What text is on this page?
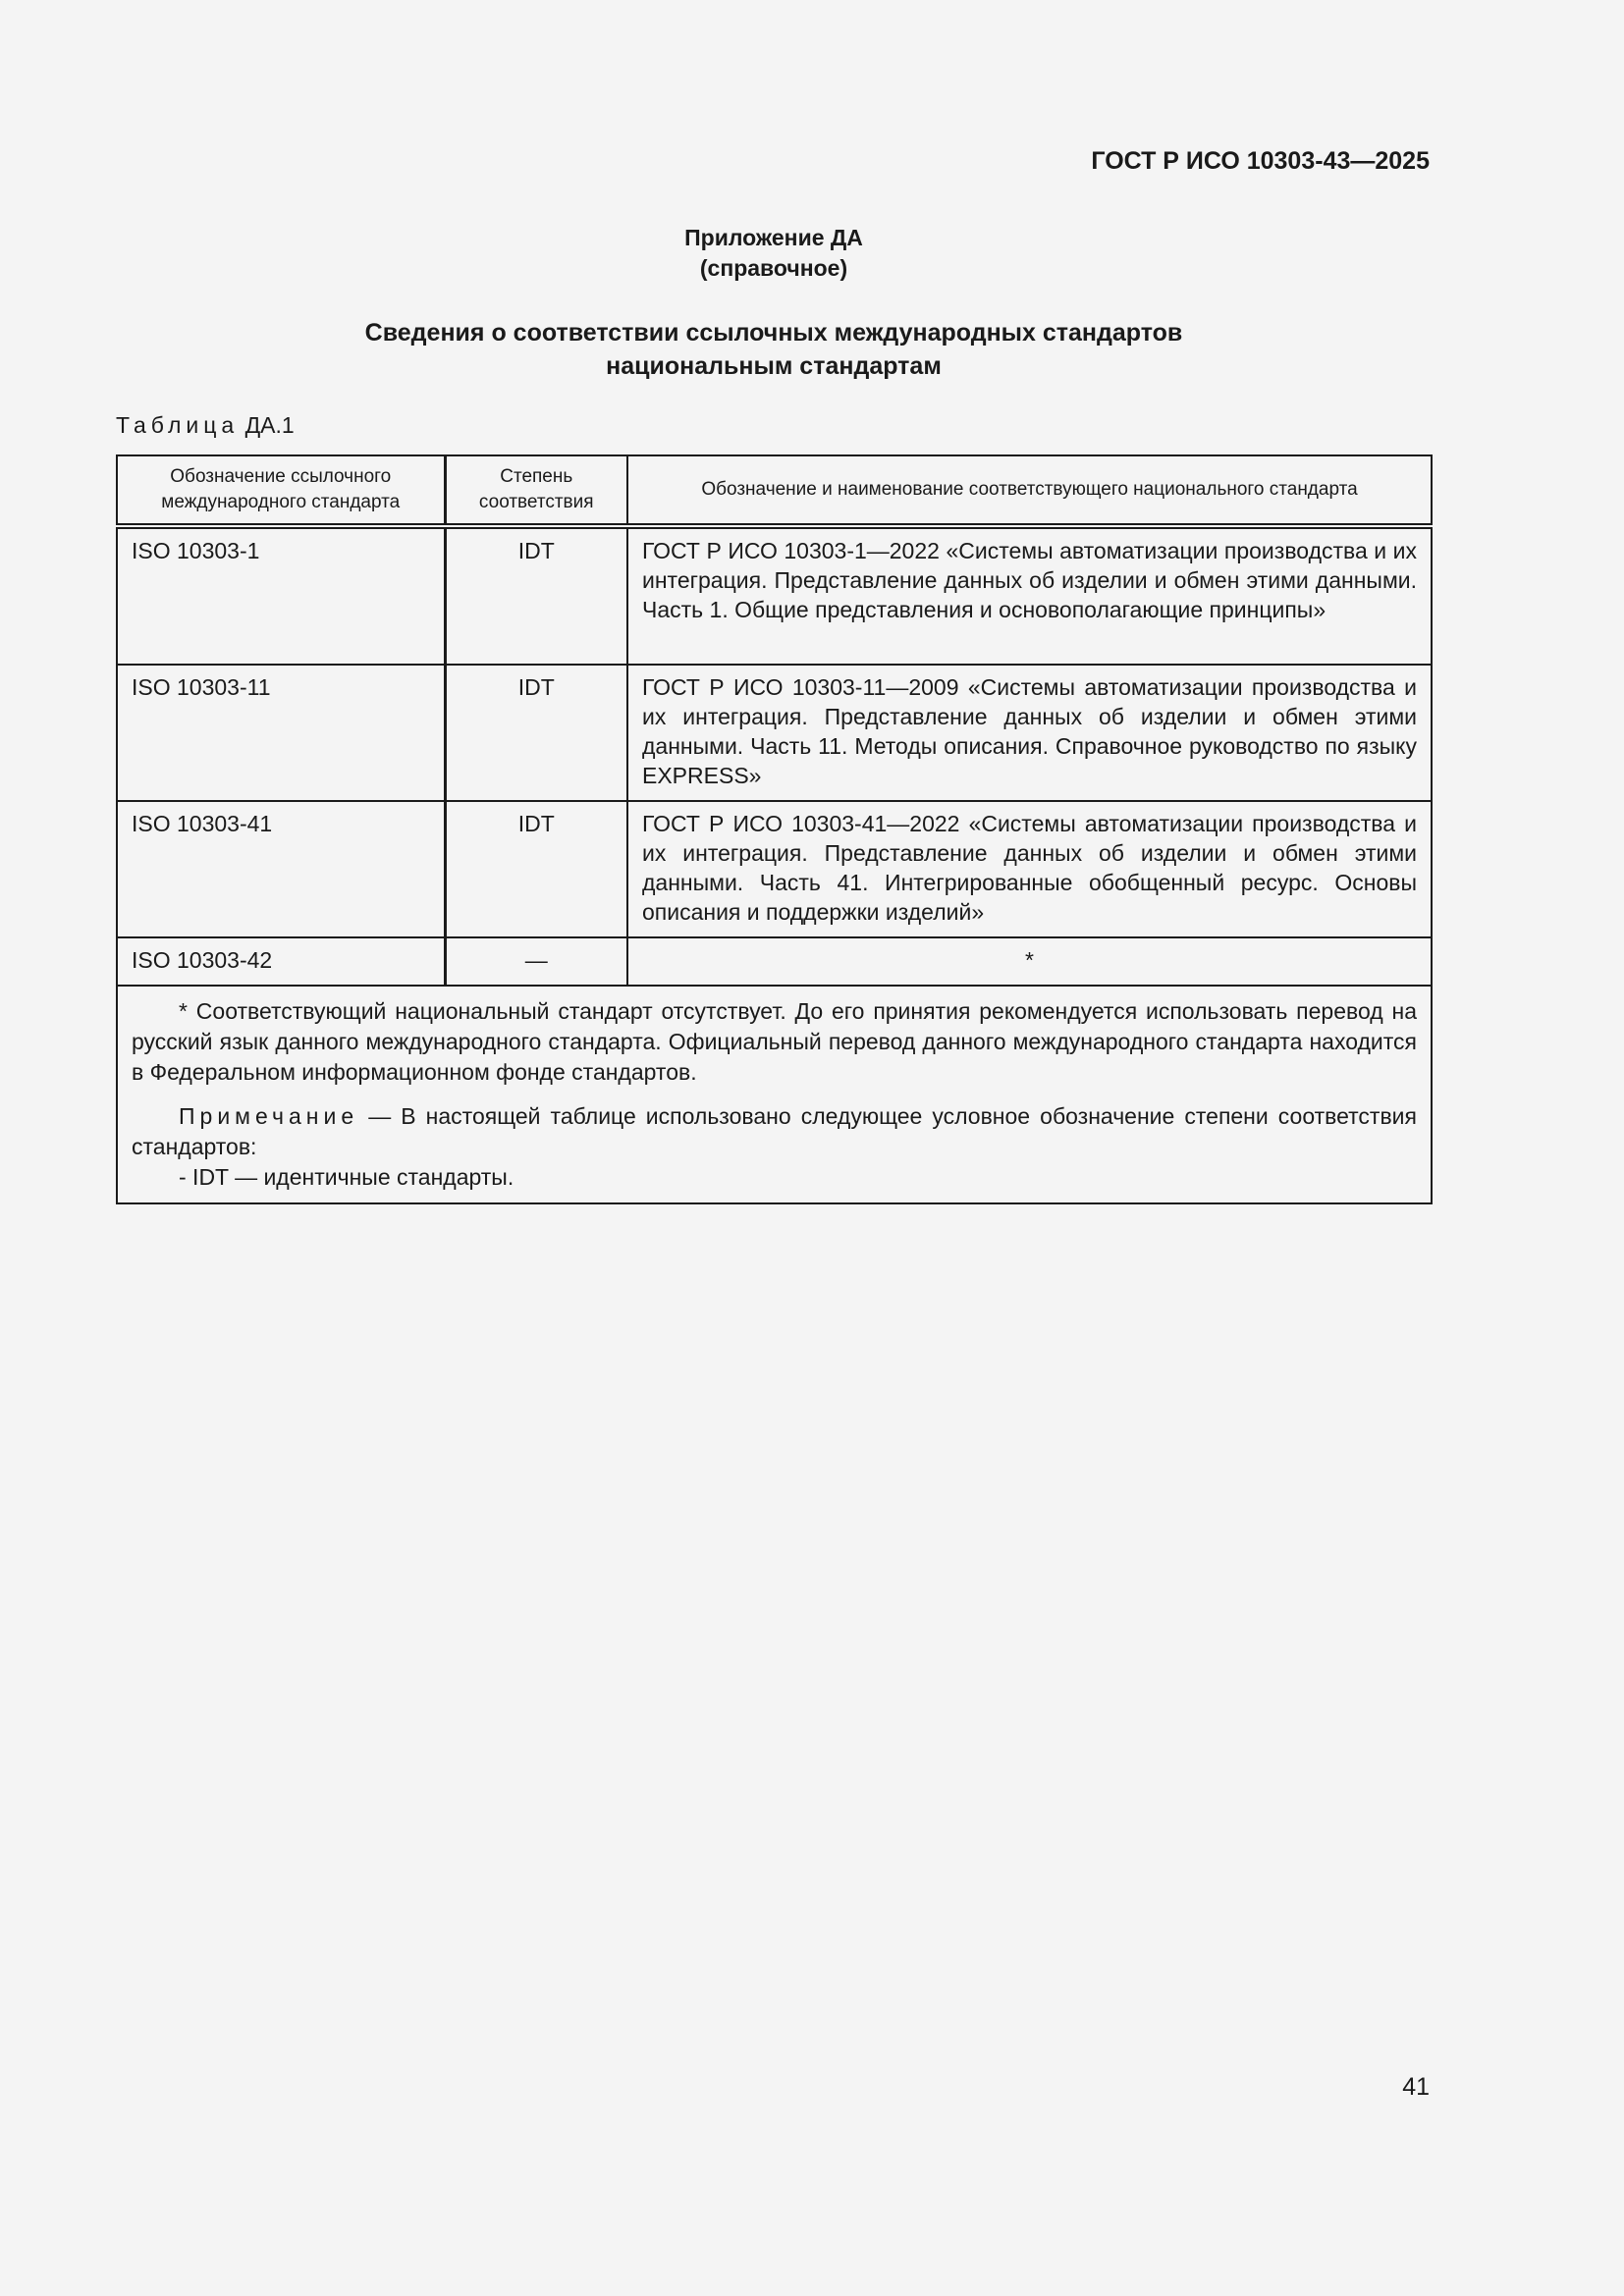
ГОСТ Р ИСО 10303-43—2025
Приложение ДА
(справочное)
Сведения о соответствии ссылочных международных стандартов
национальным стандартам
Таблица ДА.1
Обозначение ссылочного международного стандарта	Степень соответствия	Обозначение и наименование соответствующего национального стандарта
ISO 10303-1	IDT	ГОСТ Р ИСО 10303-1—2022 «Системы автоматизации производства и их интеграция. Представление данных об изделии и обмен этими данными. Часть 1. Общие представления и основополагающие принципы»
ISO 10303-11	IDT	ГОСТ Р ИСО 10303-11—2009 «Системы автоматизации производства и их интеграция. Представление данных об изделии и обмен этими данными. Часть 11. Методы описания. Справочное руководство по языку EXPRESS»
ISO 10303-41	IDT	ГОСТ Р ИСО 10303-41—2022 «Системы автоматизации производства и их интеграция. Представление данных об изделии и обмен этими данными. Часть 41. Интегрированные обобщенный ресурс. Основы описания и поддержки изделий»
ISO 10303-42	—	*

* Соответствующий национальный стандарт отсутствует. До его принятия рекомендуется использовать перевод на русский язык данного международного стандарта. Официальный перевод данного международного стандарта находится в Федеральном информационном фонде стандартов.

Примечание — В настоящей таблице использовано следующее условное обозначение степени соответствия стандартов:

- IDT — идентичные стандарты.		
41
